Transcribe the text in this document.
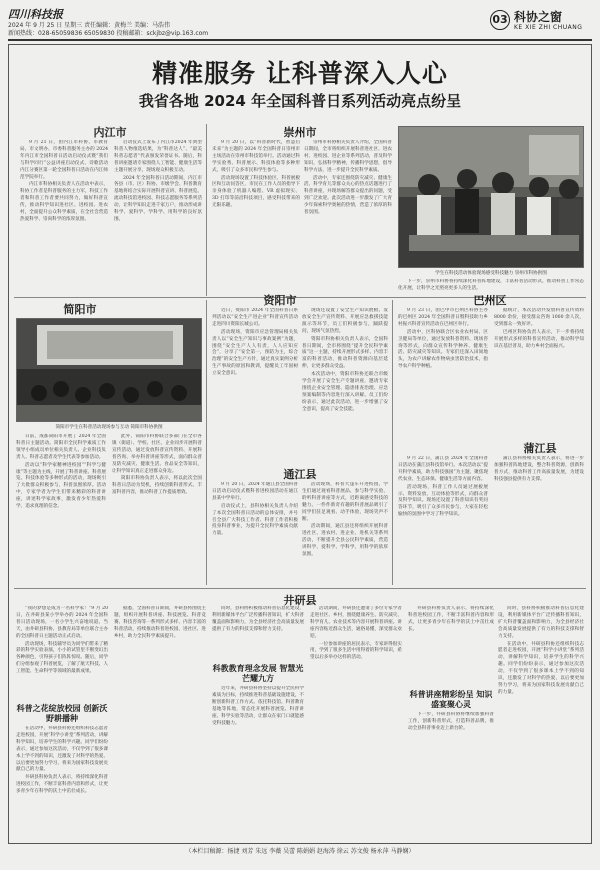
四川科技报
2024 年 9 月 25 日 星期三 责任编辑：黄梅兰 美编：马浩伟
新闻热线：028-65059836 65059830 投稿邮箱：sckjbz@vip.163.com
03 科协之窗
KE XIE ZHI CHUANG
精准服务 让科普深入人心
我省各地 2024 年全国科普日系列活动亮点纷呈
内江市

9 月 21 日，由内江市科协、市教育局、市文明办、市委科普服务主办的 2024 年内江市全国科普日活动启动仪式暨“我们与科学同行”公益讲座启动仪式、诗歌活动内江分赛区第一轮全国科普日活动在内江师范学院举行。

内江市科协相关负责人在活动中表示，科协工作者是科普服务的主力军，科技工作者和科普工作者要共同努力，做好科普宣传，推动科学知识进社区、进校园、进农村，全面提升公众科学素质，在全社会营造热爱科学、崇尚科学的浓厚氛围。

启动仪式上发布了内江市2024 年典型科普人物推选结果，为“科普达人”、“最美科普志愿者”代表颁发荣誉证书。随后，科普讲座邀请专家围绕人工智能、健康生活等主题开展分享，现场观众积极互动。

2024 年全国科普日活动期间，内江市各县（市、区）科协、市级学会、科普教育基地将结合实际开展科普宣讲、科普展览、流动科技馆进校园、科技志愿服务等系列活动，让科学知识走进千家万户，推动形成讲科学、爱科学、学科学、用科学的良好氛围。

崇州市

9 月 20 日，以“科普新时代，智慧启未来”为主题的 2024 年全国科普日崇州市主场活动在崇州市科技馆举行。活动通过科学实验秀、科普展示、科技体验等多种形式，吸引了众多市民和学生参与。

活动现场设置了科技体验区、科普展板区和互动问答区，市民在工作人员的指导下亲身体验了机器人编程、VR 虚拟现实、3D 打印等前沿科技项目，感受科技带来的无限乐趣。

崇州市科协相关负责人介绍，全国科普日期间，全市将组织开展科普进社区、进农村、进校园、进企业等系列活动，普及科学知识，弘扬科学精神，传播科学思想，倡导科学方法，进一步提升全民科学素质。

活动中，专家还围绕防灾减灾、健康生活、科学育儿等群众关心的热点话题进行了科普讲座，并现场解答群众提出的问题，受到广泛欢迎。此次活动进一步激发了广大青少年探索科学奥秘的热情，营造了浓厚的科普氛围。

学生在科技活动体验现场感受科技魅力 崇州市科协供图

下一步，崇州市科协将持续深化科普阵地建设，丰富科普活动形式，推动科普工作常态化开展，让科学之光照亮更多人的生活。

简阳市
简阳市学生在科普活动现场参与互动 简阳市科协供图

日前，成都简阳市开展了 2024 年全国科普日主题活动。简阳市全民科学素质工作领导小组成员单位相关负责人、企业科技负责人、科普志愿者及学生代表等参加活动。

活动以“科学家精神进校园”“科学与健康”等主题为主线，开展了科普讲座、科普展览、科技体验等多种形式的活动，现场吸引了大批群众积极参与，科普氛围浓厚。活动中，专家学者为学生们带来精彩的科普讲座，讲述科学家故事，激发青少年热爱科学、追求真理的信念。

此外，简阳市科协联合多部门在全市各镇（街道）、学校、社区、企业同步开展科普宣传活动，通过发放科普宣传资料、开展科普咨询、举办科普讲座等形式，面向群众普及防灾减灾、健康生活、食品安全等知识，让科学知识真正走进群众身边。

简阳市科协负责人表示，将以此次全国科普日活动为契机，持续创新科普形式、丰富科普内容，推动科普工作提质增效。

资阳市

近日，资阳市 2024 年全国科普日系列活动以“安全生产进企业”科普宣传活动走进四川资阳长城公司。

活动现场，资阳市应急管理局相关负责人以“安全生产知识与事故案例”为题，围绕“安全生产人人有责，人人应知应会”，分享了“安全第一，预防为主，综合治理”的安全生产方针，通过真实案例分析生产事故的原因和教训，提醒员工牢固树立安全意识。

现场还设置了安全生产知识展板、发放安全生产宣传资料、开展应急救援技能演示等环节，员工们积极参与，踊跃提问，现场气氛热烈。

资阳市科协相关负责人表示，全国科普日期间，全市将围绕“提升全民科学素质”这一主题，持续开展形式多样、内容丰富的科普活动，推动科普资源向基层延伸，让更多群众受益。

本次活动中，资阳市科协还联合市级学会开展了安全生产专题讲座，邀请专家围绕企业安全管理、隐患排查治理、应急预案编制等内容进行深入讲解。员工们纷纷表示，通过此次活动，进一步增强了安全意识，提高了安全技能。

巴州区

9 月 23 日，由巴中市巴州区科协主办的巴州区 2024 年全国科普日暨科技助力乡村振兴科普宣传活动在巴州区举行。

活动中，区科协联合区农业农村局、区卫健局等单位，通过发放科普资料、现场咨询等形式，向群众宣传科学种养、健康生活、防灾减灾等知识。专家们还深入田间地头，为农户讲解农作物病虫害防治技术，指导农户科学种植。

据统计，本次活动共发放科普宣传资料 8000 余份，接受群众咨询 1000 余人次，受到群众一致好评。

巴州区科协负责人表示，下一步将持续开展形式多样的科普宣传活动，推动科学知识在基层普及，助力乡村全面振兴。

通江县

9 月 20 日，2024 年通江县全国科普日活动启动仪式暨科普进校园活动在通江县某中学举行。

启动仪式上，县科协相关负责人介绍了本次全国科普日活动的总体安排，并号召全县广大科技工作者、科普工作者积极投身科普事业，为提升全民科学素质贡献力量。

活动现场，科普大篷车开进校园，学生们通过观看科普展品、参与科学实验、聆听科普讲座等方式，近距离感受科技的魅力。一件件新奇有趣的科普展品吸引了同学们驻足观看、动手体验，现场笑声不断。

活动期间，通江县还将组织开展科普进社区、进农村、进企业、进机关等系列活动，不断提升全县公民科学素质，营造讲科学、爱科学、学科学、用科学的浓厚氛围。

蒲江县

9 月 22 日，蒲江县 2024 年全国科普日活动在蒲江县科技馆举行。本次活动以“提升科学素质，助力科技强国”为主题，聚焦现代农业、生态环保、健康生活等方面内容。

活动现场，科普工作人员通过展板展示、资料发放、互动体验等形式，向群众普及科学知识。现场还设置了科普知识有奖问答环节，吸引了众多市民参与，大家在轻松愉快的氛围中学习了科学知识。

蒲江县科协相关负责人表示，将进一步加强科普阵地建设，整合科普资源，创新科普方式，推动科普工作高质量发展，为建设科技强县提供有力支撑。

井研县

“我的梦想是成为一名科学家！”9 月 20 日，在井研县某小学举办的 2024 年全国科普日活动现场，一名小学生兴奋地说道。当天，由井研县科协、县教育局等单位联合主办的全国科普日主题活动正式启动。

活动现场，科技辅导员为同学们带来了精彩的科学实验表演，小小的试管里不断变幻出各种颜色，引得孩子们阵阵惊叹。随后，同学们分组参观了科普展览，了解了航天科技、人工智能、生命科学等领域的最新成果。

科普之花绽放校园 创新沃野耕播种

在活动中，井研县科协还组织科技志愿者走进校园，开展“科学小讲堂”系列活动，讲解科学知识，培养学生的科学兴趣。同学们纷纷表示，通过参加这次活动，不仅学到了很多课本上学不到的知识，还激发了对科学的热爱，以后要更加努力学习，将来为国家科技发展贡献自己的力量。

井研县科协负责人表示，将持续深化科普进校园工作，不断丰富科普内容和形式，让更多青少年在科学的沃土中茁壮成长。

据悉，全国科普日期间，井研县将围绕主题，组织开展科普讲座、科技展览、科普竞赛、科技咨询等一系列形式多样、内容丰富的科普活动，持续推动科普进校园、进社区、进乡村，助力全民科学素质提升。

同时，县科协积极推动科普信息化建设，利用新媒体平台广泛传播科普知识，扩大科普覆盖面和影响力，为全县经济社会高质量发展提供了有力的科技支撑和智力支持。

科教教育理念发展 智慧光芒耀九方

近年来，井研县科协坚持以提升全民科学素质为目标，持续推进科普基础设施建设，不断创新科普工作方式。依托科技馆、科普教育基地等阵地，常态化开展科普展览、科普讲座、科学实验等活动，让群众在家门口就能感受科技魅力。

活动期间，井研县还邀请了多位专家学者走进社区、乡村，围绕健康养生、防灾减灾、科学育儿、农业技术等内容开展科普讲座。讲座内容贴近群众生活，通俗易懂，深受群众欢迎。

一位参加讲座的居民表示，专家讲得很实用，学到了很多生活中用得着的科学知识，希望以后多举办这样的活动。

科普讲座精彩纷呈 知识盛宴聚心灵

井研县科协负责人表示，将持续深化科普进校园工作，不断丰富科普内容和形式，让更多青少年在科学的沃土中茁壮成长。

下一步，井研县科协将继续加强科普工作，创新科普形式，打造科普品牌，推动全县科普事业迈上新台阶。

同时，县科协积极推动科普信息化建设，利用新媒体平台广泛传播科普知识，扩大科普覆盖面和影响力，为全县经济社会高质量发展提供了有力的科技支撑和智力支持。

在活动中，井研县科协还组织科技志愿者走进校园，开展“科学小讲堂”系列活动，讲解科学知识，培养学生的科学兴趣。同学们纷纷表示，通过参加这次活动，不仅学到了很多课本上学不到的知识，还激发了对科学的热爱，以后要更加努力学习，将来为国家科技发展贡献自己的力量。

（本栏目稿源：扬捷 刘芳 朱远 李薇 吴蕾 陈娟娟 赵海涛 徐云 苏文俊 杨永萍 马静娴）
